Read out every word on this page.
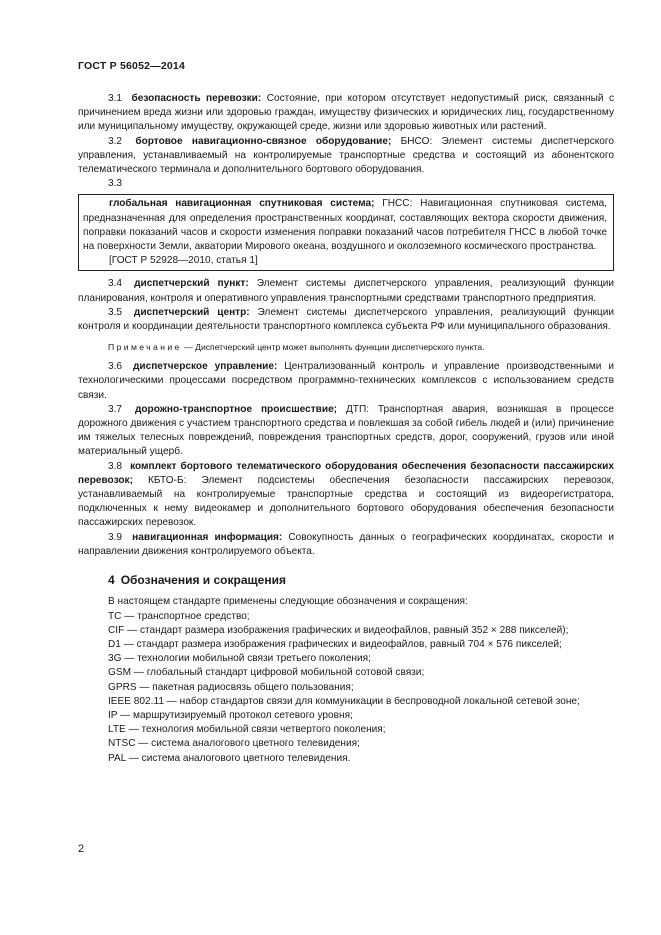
ГОСТ Р 56052—2014

3.1 безопасность перевозки: Состояние, при котором отсутствует недопустимый риск, связанный с причинением вреда жизни или здоровью граждан, имуществу физических и юридических лиц, государственному или муниципальному имуществу, окружающей среде, жизни или здоровью животных или растений.

3.2 бортовое навигационно-связное оборудование; БНСО: Элемент системы диспетчерского управления, устанавливаемый на контролируемые транспортные средства и состоящий из абонентского телематического терминала и дополнительного бортового оборудования.

3.3

глобальная навигационная спутниковая система; ГНСС: Навигационная спутниковая система, предназначенная для определения пространственных координат, составляющих вектора скорости движения, поправки показаний часов и скорости изменения поправки показаний часов потребителя ГНСС в любой точке на поверхности Земли, акватории Мирового океана, воздушного и околоземного космического пространства.

[ГОСТ Р 52928—2010, статья 1]

3.4 диспетчерский пункт: Элемент системы диспетчерского управления, реализующий функции планирования, контроля и оперативного управления транспортными средствами транспортного предприятия.

3.5 диспетчерский центр: Элемент системы диспетчерского управления, реализующий функции контроля и координации деятельности транспортного комплекса субъекта РФ или муниципального образования.

Примечание — Диспетчерский центр может выполнять функции диспетчерского пункта.

3.6 диспетчерское управление: Централизованный контроль и управление производственными и технологическими процессами посредством программно-технических комплексов с использованием средств связи.

3.7 дорожно-транспортное происшествие; ДТП: Транспортная авария, возникшая в процессе дорожного движения с участием транспортного средства и повлекшая за собой гибель людей и (или) причинение им тяжелых телесных повреждений, повреждения транспортных средств, дорог, сооружений, грузов или иной материальный ущерб.

3.8 комплект бортового телематического оборудования обеспечения безопасности пассажирских перевозок; КБТО-Б: Элемент подсистемы обеспечения безопасности пассажирских перевозок, устанавливаемый на контролируемые транспортные средства и состоящий из видеорегистратора, подключенных к нему видеокамер и дополнительного бортового оборудования обеспечения безопасности пассажирских перевозок.

3.9 навигационная информация: Совокупность данных о географических координатах, скорости и направлении движения контролируемого объекта.

4 Обозначения и сокращения

В настоящем стандарте применены следующие обозначения и сокращения:

ТС — транспортное средство;

CIF — стандарт размера изображения графических и видеофайлов, равный 352 × 288 пикселей);

D1 — стандарт размера изображения графических и видеофайлов, равный 704 × 576 пикселей;

3G — технологии мобильной связи третьего поколения;

GSM — глобальный стандарт цифровой мобильной сотовой связи;

GPRS — пакетная радиосвязь общего пользования;

IEEE 802.11 — набор стандартов связи для коммуникации в беспроводной локальной сетевой зоне;

IP — маршрутизируемый протокол сетевого уровня;

LTE — технология мобильной связи четвертого поколения;

NTSC — система аналогового цветного телевидения;

PAL — система аналогового цветного телевидения.

2
